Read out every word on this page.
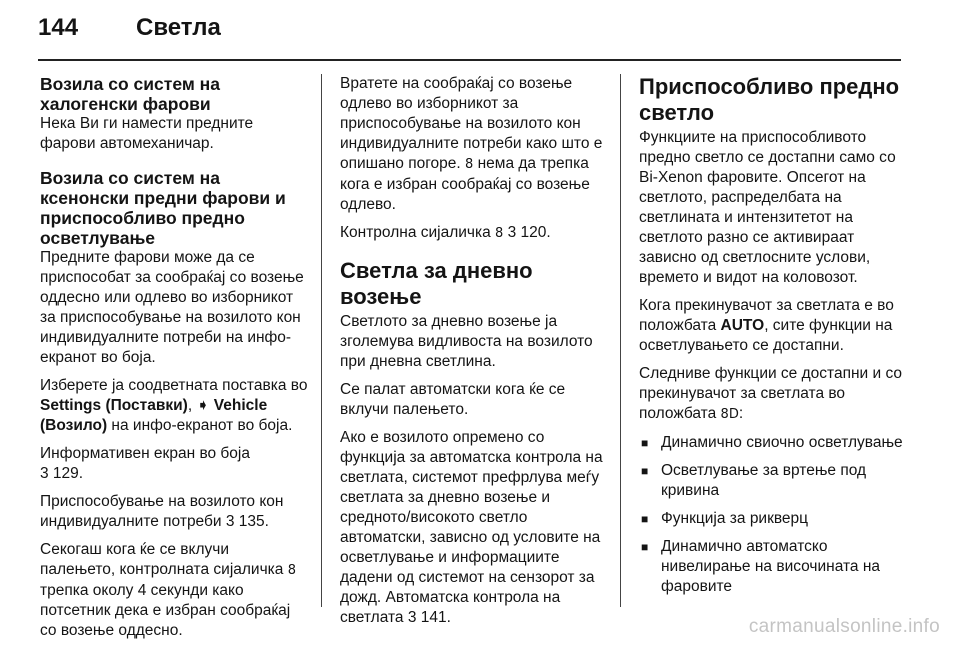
144 Светла
Возила со систем на халогенски фарови

Нека Ви ги намести предните фарови автомеханичар.

Возила со систем на ксенонски предни фарови и приспособливо предно осветлување

Предните фарови може да се приспособат за сообраќај со возење оддесно или одлево во изборникот за приспособување на возилото кон индивидуалните потреби на инфо-екранот во боја.

Изберете ја соодветната поставка во Settings (Поставки), ➧ Vehicle (Возило) на инфо-екранот во боја.

Информативен екран во боја
3 129.

Приспособување на возилото кон индивидуалните потреби 3 135.

Секогаш кога ќе се вклучи палењето, контролната сијаличка 8 трепка околу 4 секунди како потсетник дека е избран сообраќај со возење оддесно.

Вратете на сообраќај со возење одлево во изборникот за приспособување на возилото кон индивидуалните потреби како што е опишано погоре. 8 нема да трепка кога е избран сообраќај со возење одлево.

Контролна сијаличка 8 3 120.

Светла за дневно возење

Светлото за дневно возење ја зголемува видливоста на возилото при дневна светлина.

Се палат автоматски кога ќе се вклучи палењето.

Ако е возилото опремено со функција за автоматска контрола на светлата, системот префрлува меѓу светлата за дневно возење и средното/високото светло автоматски, зависно од условите на осветлување и информациите дадени од системот на сензорот за дожд. Автоматска контрола на светлата 3 141.

Приспособливо предно светло

Функциите на приспособливото предно светло се достапни само со Bi-Xenon фаровите. Опсегот на светлото, распределбата на светлината и интензитетот на светлото разно се активираат зависно од светлосните услови, времето и видот на коловозот.

Кога прекинувачот за светлата е во положбата AUTO, сите функции на осветлувањето се достапни.

Следниве функции се достапни и со прекинувачот за светлата во положбата 8D:

■ Динамично свиочно осветлување
■ Осветлување за вртење под кривина
■ Функција за рикверц
■ Динамично автоматско нивелирање на височината на фаровите
carmanualsonline.info
